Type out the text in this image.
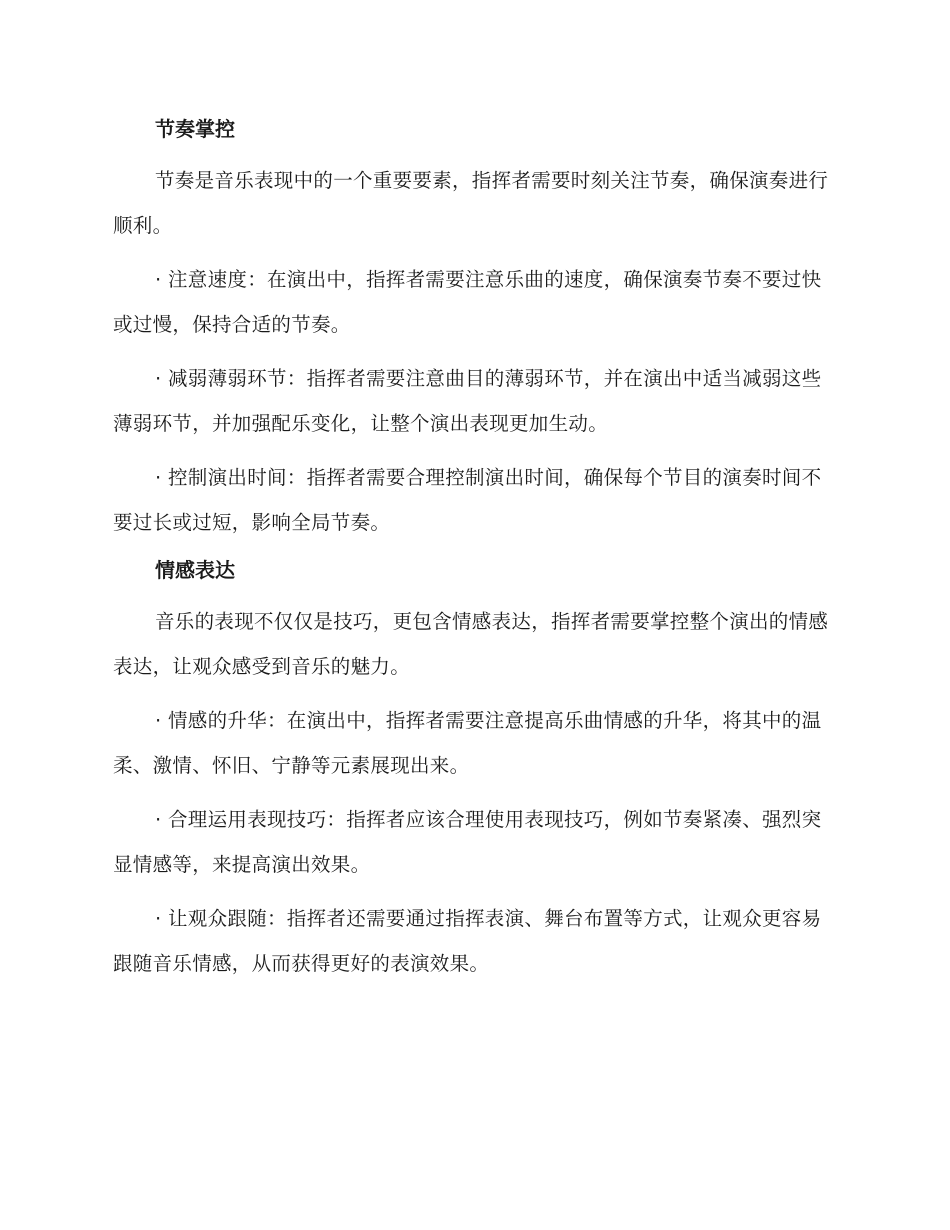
节奏掌控

节奏是音乐表现中的一个重要要素，指挥者需要时刻关注节奏，确保演奏进行顺利。

· 注意速度：在演出中，指挥者需要注意乐曲的速度，确保演奏节奏不要过快或过慢，保持合适的节奏。

· 减弱薄弱环节：指挥者需要注意曲目的薄弱环节，并在演出中适当减弱这些薄弱环节，并加强配乐变化，让整个演出表现更加生动。

· 控制演出时间：指挥者需要合理控制演出时间，确保每个节目的演奏时间不要过长或过短，影响全局节奏。

情感表达

音乐的表现不仅仅是技巧，更包含情感表达，指挥者需要掌控整个演出的情感表达，让观众感受到音乐的魅力。

· 情感的升华：在演出中，指挥者需要注意提高乐曲情感的升华，将其中的温柔、激情、怀旧、宁静等元素展现出来。

· 合理运用表现技巧：指挥者应该合理使用表现技巧，例如节奏紧凑、强烈突显情感等，来提高演出效果。

· 让观众跟随：指挥者还需要通过指挥表演、舞台布置等方式，让观众更容易跟随音乐情感，从而获得更好的表演效果。
